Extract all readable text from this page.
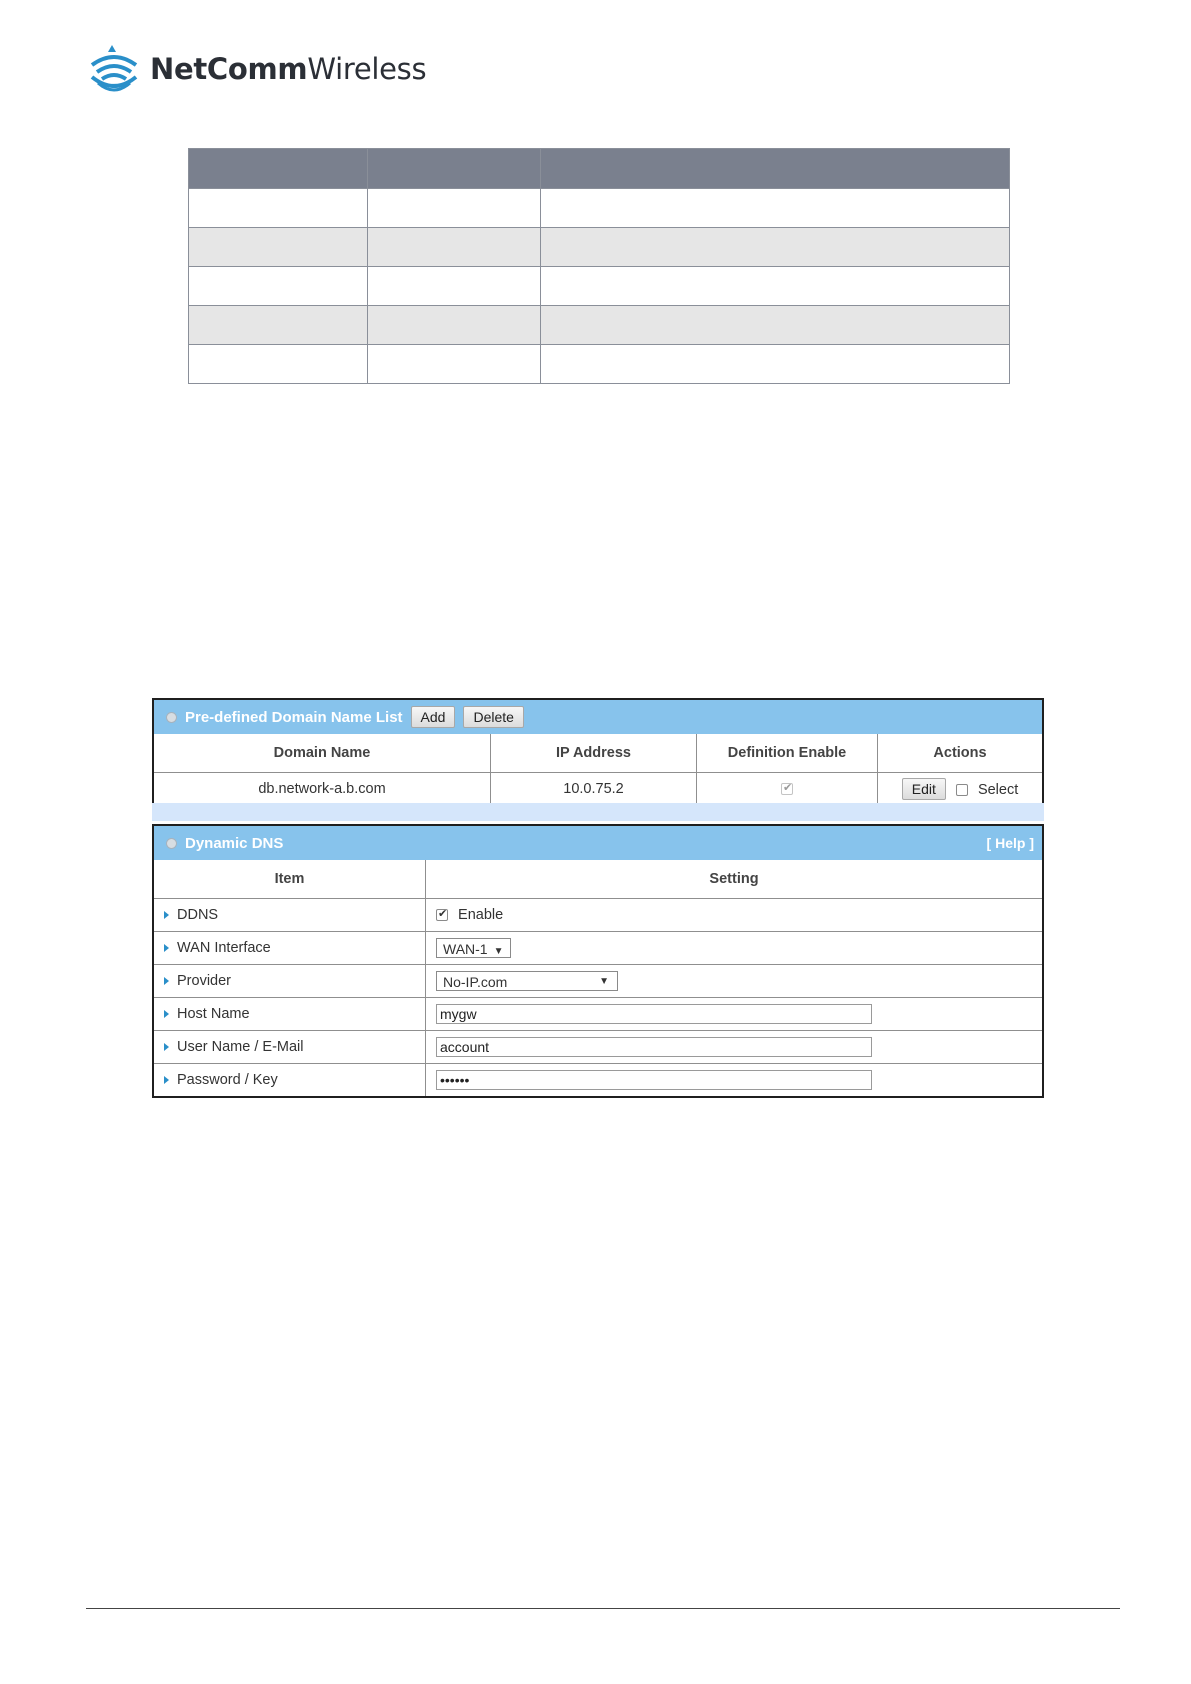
NetCommWireless

Pre-defined Domain Name List	Add	Delete
Domain Name	IP Address	Definition Enable	Actions
db.network-a.b.com	10.0.75.2	✔	Edit Select
Dynamic DNS	[ Help ]
Item	Setting
DDNS	✔Enable
WAN Interface	WAN-1 ▼
Provider	No-IP.com ▼

Host Name	mygw
User Name / E-Mail	account
Password / Key	••••••
